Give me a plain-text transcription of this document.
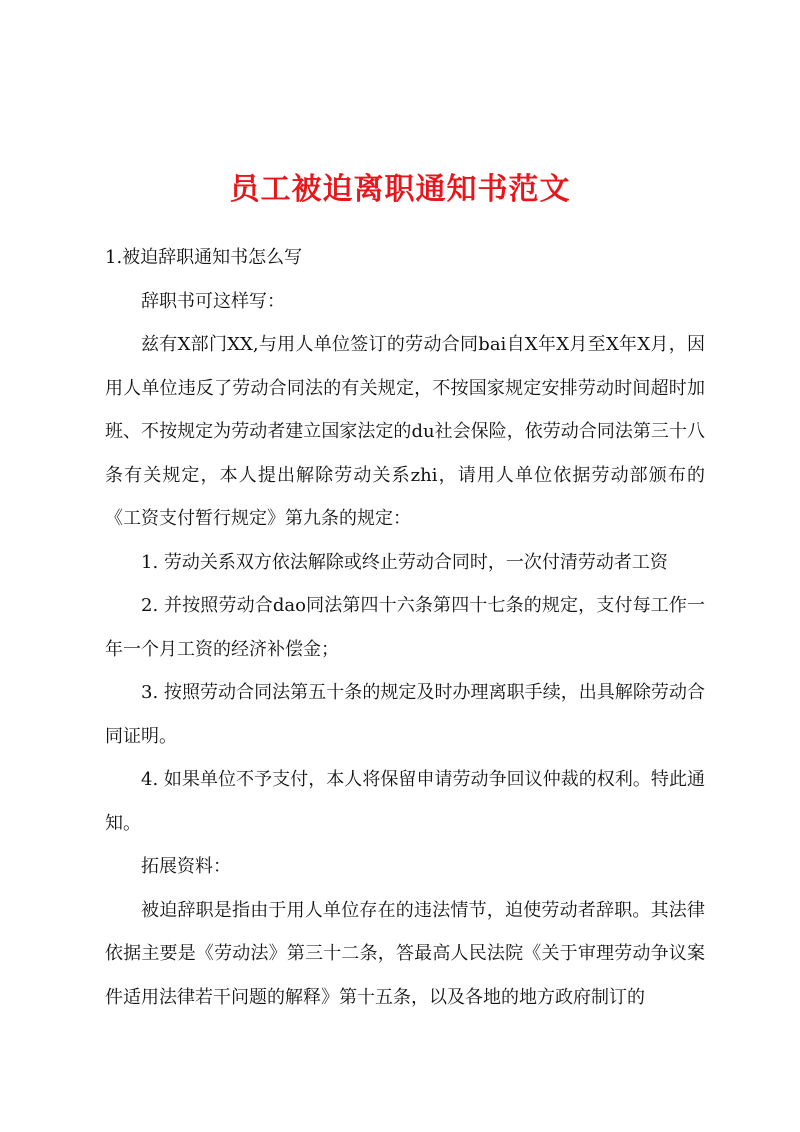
员工被迫离职通知书范文

1.被迫辞职通知书怎么写

辞职书可这样写：

兹有X部门XX,与用人单位签订的劳动合同bai自X年X月至X年X月，因用人单位违反了劳动合同法的有关规定，不按国家规定安排劳动时间超时加班、不按规定为劳动者建立国家法定的du社会保险，依劳动合同法第三十八条有关规定，本人提出解除劳动关系zhi，请用人单位依据劳动部颁布的《工资支付暂行规定》第九条的规定：

1. 劳动关系双方依法解除或终止劳动合同时，一次付清劳动者工资

2. 并按照劳动合dao同法第四十六条第四十七条的规定，支付每工作一年一个月工资的经济补偿金；

3. 按照劳动合同法第五十条的规定及时办理离职手续，出具解除劳动合同证明。

4. 如果单位不予支付，本人将保留申请劳动争回议仲裁的权利。特此通知。

拓展资料：

被迫辞职是指由于用人单位存在的违法情节，迫使劳动者辞职。其法律依据主要是《劳动法》第三十二条，答最高人民法院《关于审理劳动争议案件适用法律若干问题的解释》第十五条，以及各地的地方政府制订的
